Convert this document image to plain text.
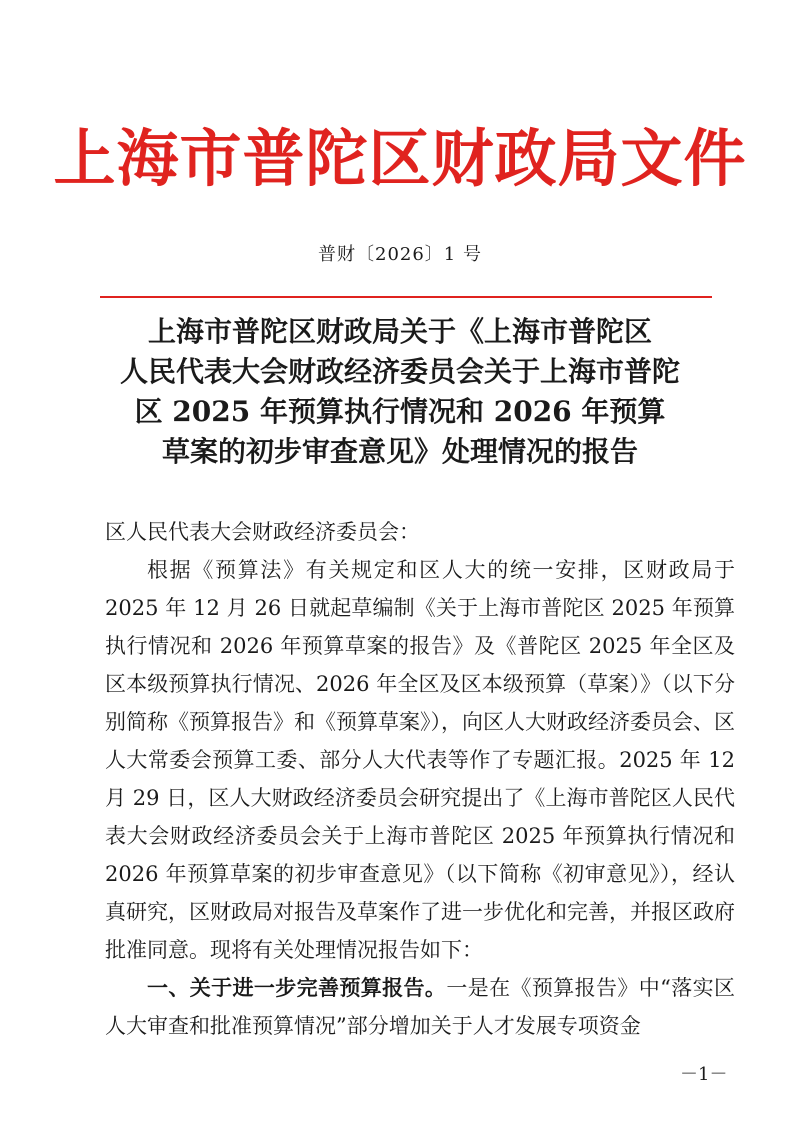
上海市普陀区财政局文件
普财〔2026〕1 号
上海市普陀区财政局关于《上海市普陀区
人民代表大会财政经济委员会关于上海市普陀
区 2025 年预算执行情况和 2026 年预算
草案的初步审查意见》处理情况的报告
区人民代表大会财政经济委员会：
根据《预算法》有关规定和区人大的统一安排，区财政局于 2025 年 12 月 26 日就起草编制《关于上海市普陀区 2025 年预算执行情况和 2026 年预算草案的报告》及《普陀区 2025 年全区及区本级预算执行情况、2026 年全区及区本级预算（草案）》（以下分别简称《预算报告》和《预算草案》），向区人大财政经济委员会、区人大常委会预算工委、部分人大代表等作了专题汇报。2025 年 12 月 29 日，区人大财政经济委员会研究提出了《上海市普陀区人民代表大会财政经济委员会关于上海市普陀区 2025 年预算执行情况和 2026 年预算草案的初步审查意见》（以下简称《初审意见》），经认真研究，区财政局对报告及草案作了进一步优化和完善，并报区政府批准同意。现将有关处理情况报告如下：
一、关于进一步完善预算报告。一是在《预算报告》中“落实区人大审查和批准预算情况”部分增加关于人才发展专项资金
－1－
